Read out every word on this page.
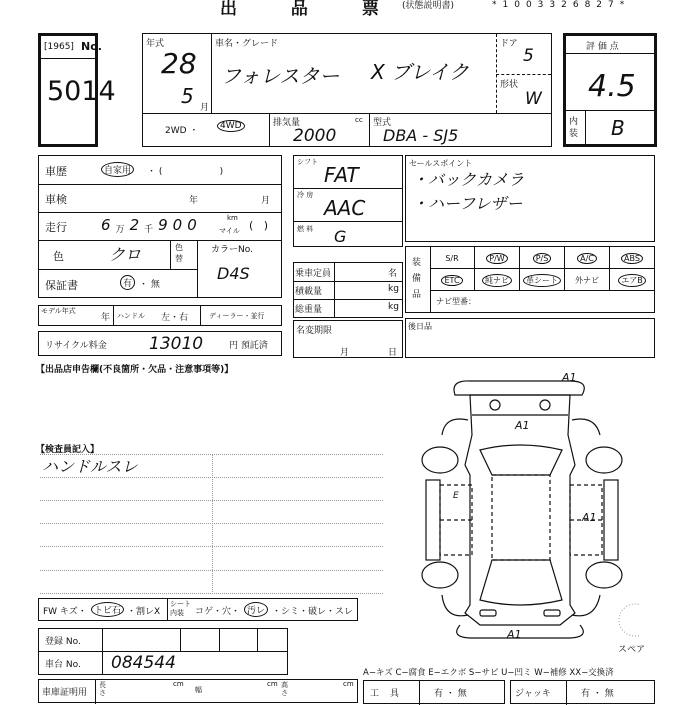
出 品 票 (状態説明書)	*1003326827*
[1965] No.
5014
年式
28
5 月
車名・グレード
フォレスター X ブレイク
ドア
5
形状
W
2WD ・	4WD	排気量
2000
cc 型式
DBA - SJ5
評 価 点
4.5
内装 B
車歴	自家用	・ (                    )
車検	年	月
走行 6 万 2 千 9 0 0	km
マイル (   )
色	クロ	色替
カラーNo.
D4S
保証書	有 ・ 無
モデル年式
年 ハンドル 左・右	ディーラー・並行
リサイクル料金 13010	円 預託済
【出品店申告欄(不良箇所・欠品・注意事項等)】
シフト
FAT
冷 房
AAC
燃 料 G
乗車定員	名
積載量	kg
総重量	kg
名変期限
月	日
セールスポイント
・バックカメラ
・ハーフレザー
装備品
S/R	P/W	P/S	A/C	ABS
ETC	純ナビ	革シート	外ナビ	エアB
ナビ型番：
後日品
【検査員記入】
ハンドルスレ
FW キズ・ トビ石 ・割レX
シート内装	コゲ・穴・ 汚レ ・シミ・破レ・スレ
登録 No.
車台 No. 084544
車庫証明用
長さ
cm
幅
cm 高さ
cm
A1
A1
E
A1
A1
スペア
A−キズ C−腐食 E−エクボ S−サビ U−凹ミ W−補修 XX−交換済
工 具	有 ・ 無	ジャッキ	有 ・ 無
